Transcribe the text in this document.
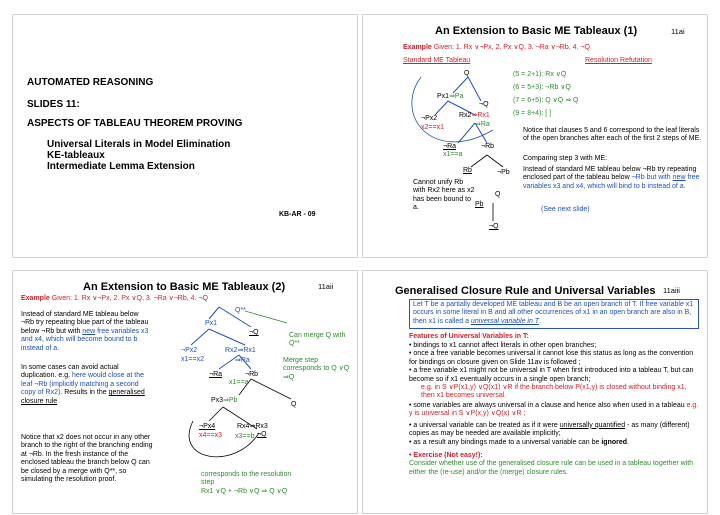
AUTOMATED REASONING
SLIDES 11:
ASPECTS OF TABLEAU THEOREM PROVING
Universal Literals in Model Elimination
KE-tableaux
Intermediate Lemma Extension
KB-AR - 09
An Extension to Basic ME Tableaux (1)	11ai
Example Given: 1. Rx ∨¬Px, 2. Px ∨Q, 3. ¬Ra ∨¬Rb, 4. ¬Q
Standard ME Tableau	Resolution Refutation
(5 = 2+1): Rx ∨Q
(6 = 5+3): ¬Rb ∨Q
(7 = 6+5): Q ∨Q ⇒ Q
(9 = 8+4): [ ]
Q
Px1⇒Pa
¬Q
¬Px2	Rx2⇒Rx1
x2==x1	⇒Ra
¬Ra	¬Rb
x1==a
Rb	¬Pb
Cannot unify Rb with Rx2 here as x2 has been bound to a.
Q
Pb
¬Q
Notice that clauses 5 and 6 correspond to the leaf literals of the open branches after each of the first 2 steps of ME.
Comparing step 3 with ME:
Instead of standard ME tableau below ¬Rb try repeating enclosed part of the tableau below ¬Rb but with new free variables x3 and x4, which will bind to b instead of a.
(See next slide)
An Extension to Basic ME Tableaux (2)	11aii
Example Given: 1. Rx ∨¬Px, 2. Px ∨Q, 3. ¬Ra ∨¬Rb, 4. ¬Q
Instead of standard ME tableau below ¬Rb try repeating blue part of the tableau below ¬Rb but with new free variables x3 and x4, which will become bound to b instead of a.
In some cases can avoid actual duplication. e.g. here would close at the leaf ¬Rb (implicitly matching a second copy of Rx2). Results in the generalised closure rule
Notice that x2 does not occur in any other branch to the right of the branching ending at ¬Rb. In the fresh instance of the enclosed tableau the branch below Q can be closed by a merge with Q**, so simulating the resolution proof.
Q**
Px1
¬Q
¬Px2	Rx2⇒Rx1
x1==x2	⇒Ra
¬Ra	¬Rb
x1==a
Px3⇒Pb
Q
¬Px4	Rx4⇒Rx3
x4==x3 x3==b ¬Q
Can merge Q with Q**
Merge step corresponds to Q ∨Q ⇒Q
corresponds to the resolution step
Rx1 ∨Q + ¬Rb ∨Q ⇒ Q ∨Q
Generalised Closure Rule and Universal Variables 11aiii
Let T be a partially developed ME tableau and B be an open branch of T. If free variable x1 occurs in some literal in B and all other occurrences of x1 in an open branch are also in B, then x1 is called a universal variable in T.
Features of Universal Variables in T:
• bindings to x1 cannot affect literals in other open branches;
• once a free variable becomes universal it cannot lose this status as long as the convention for bindings on closure given on Slide 11av is followed ;
• a free variable x1 might not be universal in T when first introduced into a tableau T, but can become so if x1 eventually occurs in a single open branch;
e.g. in S ∨P(x1,y) ∨Q(x1) ∨R if the branch below P(x1,y) is closed without binding x1, then x1 becomes universal.
• some variables are always universal in a clause and hence also when used in a tableau e.g. y is universal in S ∨P(x,y) ∨Q(x) ∨R ;
• a universal variable can be treated as if it were universally quantified - as many (different) copies as may be needed are available implicitly;
• as a result any bindings made to a universal variable can be ignored.
• Exercise (Not easy!):
Consider whether use of the generalised closure rule can be used in a tableau together with either the (re-use) and/or the (merge) closure rules.
